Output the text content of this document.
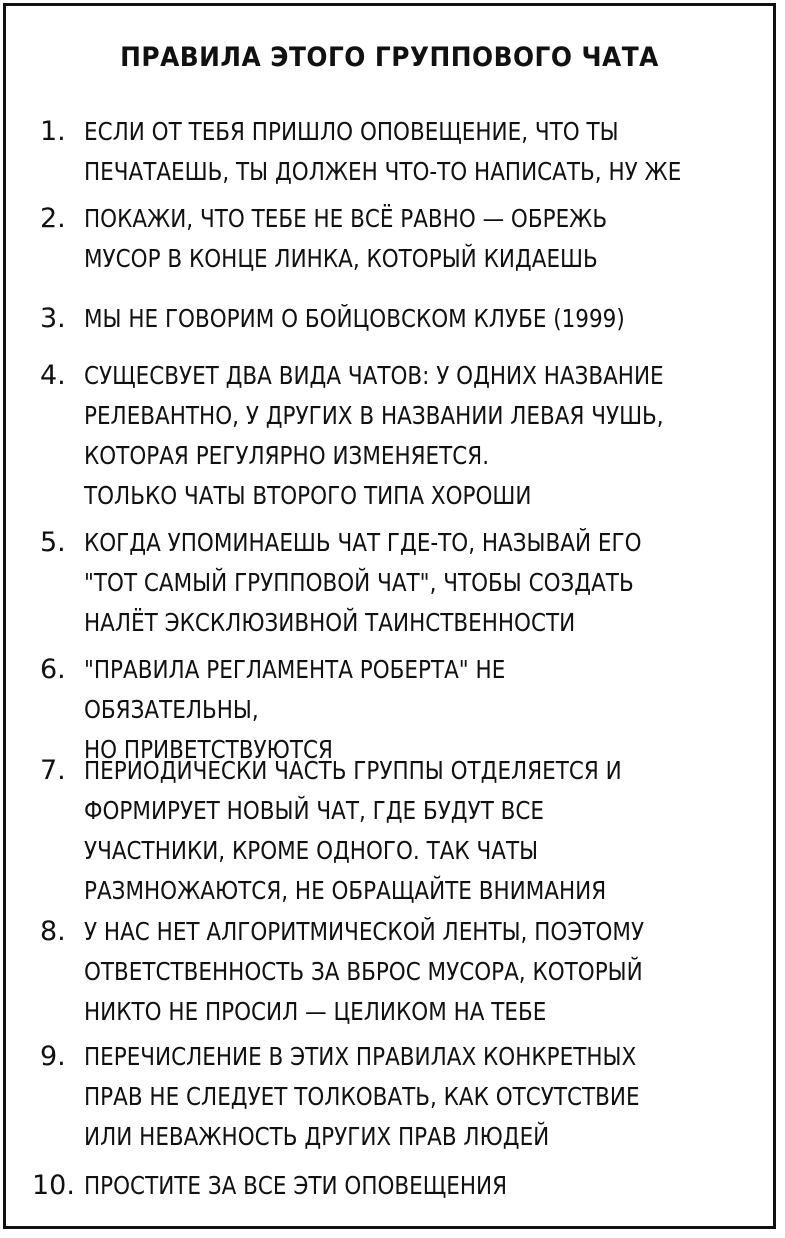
ПРАВИЛА ЭТОГО ГРУППОВОГО ЧАТА
1. ЕСЛИ ОТ ТЕБЯ ПРИШЛО ОПОВЕЩЕНИЕ, ЧТО ТЫ
ПЕЧАТАЕШЬ, ТЫ ДОЛЖЕН ЧТО-ТО НАПИСАТЬ, НУ ЖЕ

2. ПОКАЖИ, ЧТО ТЕБЕ НЕ ВСЁ РАВНО — ОБРЕЖЬ
МУСОР В КОНЦЕ ЛИНКА, КОТОРЫЙ КИДАЕШЬ

3. МЫ НЕ ГОВОРИМ О БОЙЦОВСКОМ КЛУБЕ (1999)

4. СУЩЕСВУЕТ ДВА ВИДА ЧАТОВ: У ОДНИХ НАЗВАНИЕ
РЕЛЕВАНТНО, У ДРУГИХ В НАЗВАНИИ ЛЕВАЯ ЧУШЬ,
КОТОРАЯ РЕГУЛЯРНО ИЗМЕНЯЕТСЯ.
ТОЛЬКО ЧАТЫ ВТОРОГО ТИПА ХОРОШИ

5. КОГДА УПОМИНАЕШЬ ЧАТ ГДЕ-ТО, НАЗЫВАЙ ЕГО
"ТОТ САМЫЙ ГРУППОВОЙ ЧАТ", ЧТОБЫ СОЗДАТЬ
НАЛЁТ ЭКСКЛЮЗИВНОЙ ТАИНСТВЕННОСТИ

6. "ПРАВИЛА РЕГЛАМЕНТА РОБЕРТА" НЕ ОБЯЗАТЕЛЬНЫ,
НО ПРИВЕТСТВУЮТСЯ

7. ПЕРИОДИЧЕСКИ ЧАСТЬ ГРУППЫ ОТДЕЛЯЕТСЯ И
ФОРМИРУЕТ НОВЫЙ ЧАТ, ГДЕ БУДУТ ВСЕ
УЧАСТНИКИ, КРОМЕ ОДНОГО. ТАК ЧАТЫ
РАЗМНОЖАЮТСЯ, НЕ ОБРАЩАЙТЕ ВНИМАНИЯ

8. У НАС НЕТ АЛГОРИТМИЧЕСКОЙ ЛЕНТЫ, ПОЭТОМУ
ОТВЕТСТВЕННОСТЬ ЗА ВБРОС МУСОРА, КОТОРЫЙ
НИКТО НЕ ПРОСИЛ — ЦЕЛИКОМ НА ТЕБЕ

9. ПЕРЕЧИСЛЕНИЕ В ЭТИХ ПРАВИЛАХ КОНКРЕТНЫХ
ПРАВ НЕ СЛЕДУЕТ ТОЛКОВАТЬ, КАК ОТСУТСТВИЕ
ИЛИ НЕВАЖНОСТЬ ДРУГИХ ПРАВ ЛЮДЕЙ

10. ПРОСТИТЕ ЗА ВСЕ ЭТИ ОПОВЕЩЕНИЯ
